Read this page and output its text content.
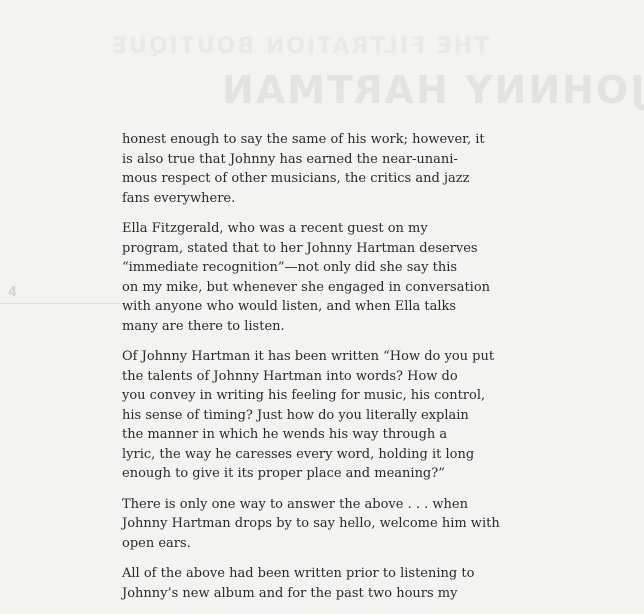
THE FILTRATION BOUTIQUE
JOHNNY HARTMAN
4

honest enough to say the same of his work; however, it
is also true that Johnny has earned the near-unani-
mous respect of other musicians, the critics and jazz
fans everywhere.

Ella Fitzgerald, who was a recent guest on my
program, stated that to her Johnny Hartman deserves
“immediate recognition”—not only did she say this
on my mike, but whenever she engaged in conversation
with anyone who would listen, and when Ella talks
many are there to listen.

Of Johnny Hartman it has been written “How do you put
the talents of Johnny Hartman into words? How do
you convey in writing his feeling for music, his control,
his sense of timing? Just how do you literally explain
the manner in which he wends his way through a
lyric, the way he caresses every word, holding it long
enough to give it its proper place and meaning?”

There is only one way to answer the above . . . when
Johnny Hartman drops by to say hello, welcome him with
open ears.

All of the above had been written prior to listening to
Johnny’s new album and for the past two hours my
